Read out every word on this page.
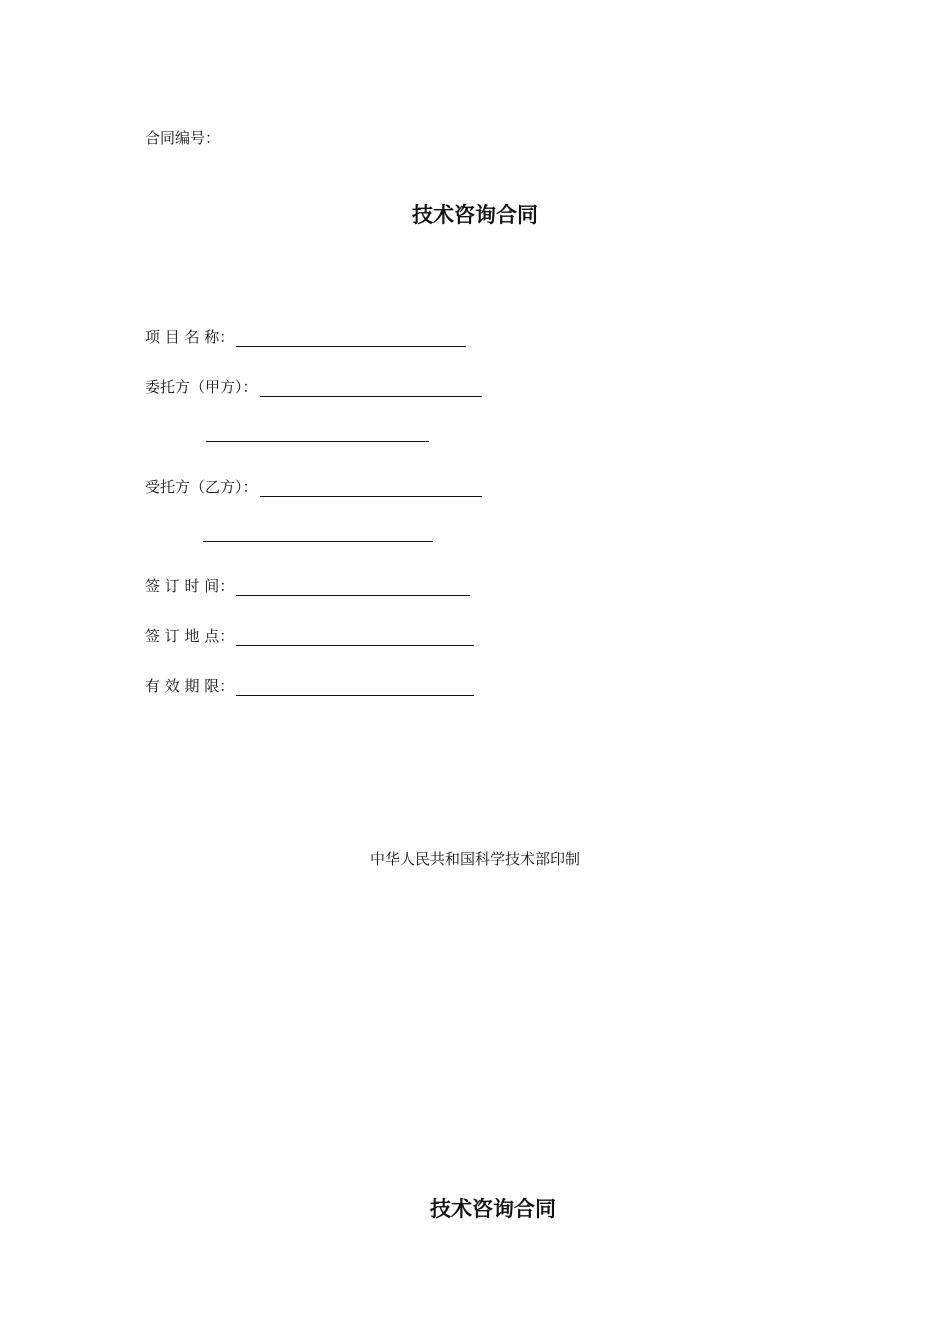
合同编号：
技术咨询合同
项 目 名 称：
委托方（甲方）：
受托方（乙方）：
签 订 时 间：
签 订 地 点：
有 效 期 限：
中华人民共和国科学技术部印制
技术咨询合同
